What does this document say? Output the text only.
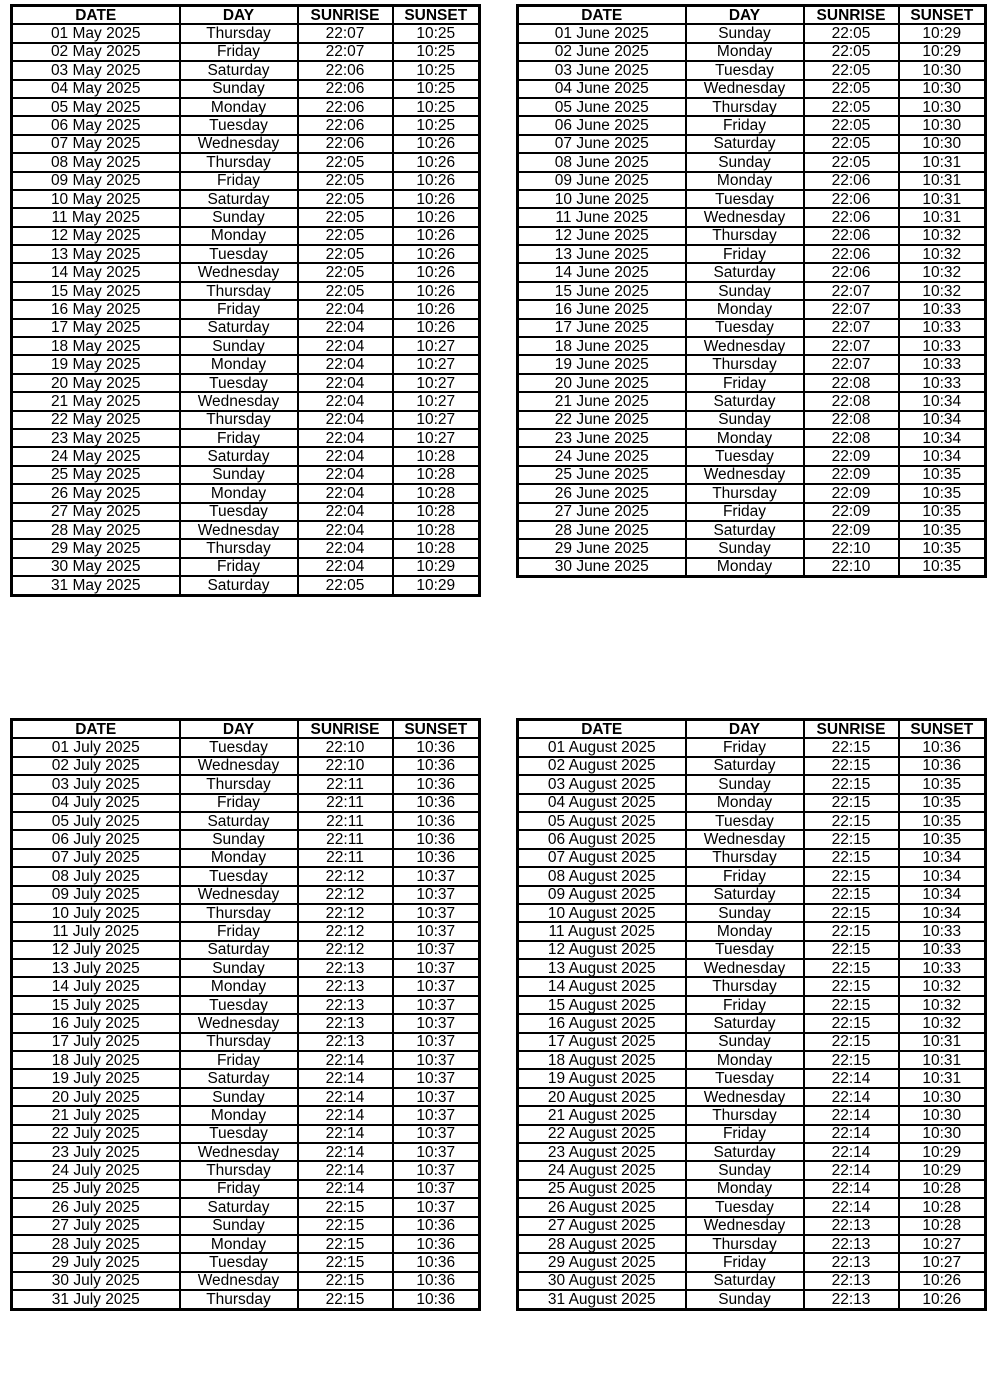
DATE	DAY	SUNRISE	SUNSET
01 May 2025	Thursday	22:07	10:25
02 May 2025	Friday	22:07	10:25
03 May 2025	Saturday	22:06	10:25
04 May 2025	Sunday	22:06	10:25
05 May 2025	Monday	22:06	10:25
06 May 2025	Tuesday	22:06	10:25
07 May 2025	Wednesday	22:06	10:26
08 May 2025	Thursday	22:05	10:26
09 May 2025	Friday	22:05	10:26
10 May 2025	Saturday	22:05	10:26
11 May 2025	Sunday	22:05	10:26
12 May 2025	Monday	22:05	10:26
13 May 2025	Tuesday	22:05	10:26
14 May 2025	Wednesday	22:05	10:26
15 May 2025	Thursday	22:05	10:26
16 May 2025	Friday	22:04	10:26
17 May 2025	Saturday	22:04	10:26
18 May 2025	Sunday	22:04	10:27
19 May 2025	Monday	22:04	10:27
20 May 2025	Tuesday	22:04	10:27
21 May 2025	Wednesday	22:04	10:27
22 May 2025	Thursday	22:04	10:27
23 May 2025	Friday	22:04	10:27
24 May 2025	Saturday	22:04	10:28
25 May 2025	Sunday	22:04	10:28
26 May 2025	Monday	22:04	10:28
27 May 2025	Tuesday	22:04	10:28
28 May 2025	Wednesday	22:04	10:28
29 May 2025	Thursday	22:04	10:28
30 May 2025	Friday	22:04	10:29
31 May 2025	Saturday	22:05	10:29
DATE	DAY	SUNRISE	SUNSET
01 June 2025	Sunday	22:05	10:29
02 June 2025	Monday	22:05	10:29
03 June 2025	Tuesday	22:05	10:30
04 June 2025	Wednesday	22:05	10:30
05 June 2025	Thursday	22:05	10:30
06 June 2025	Friday	22:05	10:30
07 June 2025	Saturday	22:05	10:30
08 June 2025	Sunday	22:05	10:31
09 June 2025	Monday	22:06	10:31
10 June 2025	Tuesday	22:06	10:31
11 June 2025	Wednesday	22:06	10:31
12 June 2025	Thursday	22:06	10:32
13 June 2025	Friday	22:06	10:32
14 June 2025	Saturday	22:06	10:32
15 June 2025	Sunday	22:07	10:32
16 June 2025	Monday	22:07	10:33
17 June 2025	Tuesday	22:07	10:33
18 June 2025	Wednesday	22:07	10:33
19 June 2025	Thursday	22:07	10:33
20 June 2025	Friday	22:08	10:33
21 June 2025	Saturday	22:08	10:34
22 June 2025	Sunday	22:08	10:34
23 June 2025	Monday	22:08	10:34
24 June 2025	Tuesday	22:09	10:34
25 June 2025	Wednesday	22:09	10:35
26 June 2025	Thursday	22:09	10:35
27 June 2025	Friday	22:09	10:35
28 June 2025	Saturday	22:09	10:35
29 June 2025	Sunday	22:10	10:35
30 June 2025	Monday	22:10	10:35
DATE	DAY	SUNRISE	SUNSET
01 July 2025	Tuesday	22:10	10:36
02 July 2025	Wednesday	22:10	10:36
03 July 2025	Thursday	22:11	10:36
04 July 2025	Friday	22:11	10:36
05 July 2025	Saturday	22:11	10:36
06 July 2025	Sunday	22:11	10:36
07 July 2025	Monday	22:11	10:36
08 July 2025	Tuesday	22:12	10:37
09 July 2025	Wednesday	22:12	10:37
10 July 2025	Thursday	22:12	10:37
11 July 2025	Friday	22:12	10:37
12 July 2025	Saturday	22:12	10:37
13 July 2025	Sunday	22:13	10:37
14 July 2025	Monday	22:13	10:37
15 July 2025	Tuesday	22:13	10:37
16 July 2025	Wednesday	22:13	10:37
17 July 2025	Thursday	22:13	10:37
18 July 2025	Friday	22:14	10:37
19 July 2025	Saturday	22:14	10:37
20 July 2025	Sunday	22:14	10:37
21 July 2025	Monday	22:14	10:37
22 July 2025	Tuesday	22:14	10:37
23 July 2025	Wednesday	22:14	10:37
24 July 2025	Thursday	22:14	10:37
25 July 2025	Friday	22:14	10:37
26 July 2025	Saturday	22:15	10:37
27 July 2025	Sunday	22:15	10:36
28 July 2025	Monday	22:15	10:36
29 July 2025	Tuesday	22:15	10:36
30 July 2025	Wednesday	22:15	10:36
31 July 2025	Thursday	22:15	10:36
DATE	DAY	SUNRISE	SUNSET
01 August 2025	Friday	22:15	10:36
02 August 2025	Saturday	22:15	10:36
03 August 2025	Sunday	22:15	10:35
04 August 2025	Monday	22:15	10:35
05 August 2025	Tuesday	22:15	10:35
06 August 2025	Wednesday	22:15	10:35
07 August 2025	Thursday	22:15	10:34
08 August 2025	Friday	22:15	10:34
09 August 2025	Saturday	22:15	10:34
10 August 2025	Sunday	22:15	10:34
11 August 2025	Monday	22:15	10:33
12 August 2025	Tuesday	22:15	10:33
13 August 2025	Wednesday	22:15	10:33
14 August 2025	Thursday	22:15	10:32
15 August 2025	Friday	22:15	10:32
16 August 2025	Saturday	22:15	10:32
17 August 2025	Sunday	22:15	10:31
18 August 2025	Monday	22:15	10:31
19 August 2025	Tuesday	22:14	10:31
20 August 2025	Wednesday	22:14	10:30
21 August 2025	Thursday	22:14	10:30
22 August 2025	Friday	22:14	10:30
23 August 2025	Saturday	22:14	10:29
24 August 2025	Sunday	22:14	10:29
25 August 2025	Monday	22:14	10:28
26 August 2025	Tuesday	22:14	10:28
27 August 2025	Wednesday	22:13	10:28
28 August 2025	Thursday	22:13	10:27
29 August 2025	Friday	22:13	10:27
30 August 2025	Saturday	22:13	10:26
31 August 2025	Sunday	22:13	10:26
